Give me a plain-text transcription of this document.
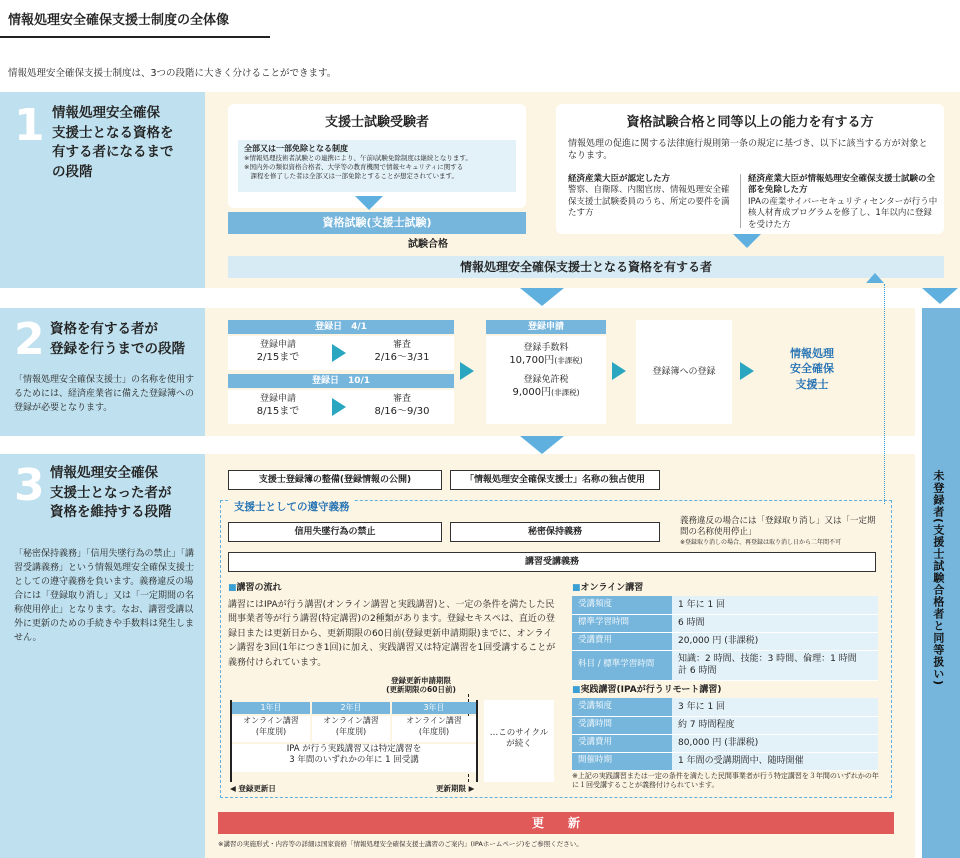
情報処理安全確保支援士制度の全体像
情報処理安全確保支援士制度は、3つの段階に大きく分けることができます。
1 情報処理安全確保
支援士となる資格を
有する者になるまで
の段階
支援士試験受験者
全部又は一部免除となる制度
※情報処理技術者試験との連携により、午前Ⅰ試験免除制度は継続となります。
※国内外の類似資格合格者、大学等の教育機関で情報セキュリティに関する
　課程を修了した者は全部又は一部免除とすることが想定されています。
資格試験(支援士試験)
試験合格
資格試験合格と同等以上の能力を有する方
情報処理の促進に関する法律施行規則第一条の規定に基づき、以下に該当する方が対象となります。
経済産業大臣が認定した方
警察、自衛隊、内閣官房、情報処理安全確保支援士試験委員のうち、所定の要件を満たす方
経済産業大臣が情報処理安全確保支援士試験の全部を免除した方
IPAの産業サイバーセキュリティセンターが行う中核人材育成プログラムを修了し、1年以内に登録を受けた方
情報処理安全確保支援士となる資格を有する者
2 資格を有する者が
登録を行うまでの段階
「情報処理安全確保支援士」の名称を使用するためには、経済産業省に備えた登録簿への登録が必要となります。
登録日　4/1
登録申請
2/15まで
審査
2/16〜3/31
登録日　10/1
登録申請
8/15まで
審査
8/16〜9/30
登録申請
登録手数料
10,700円(非課税)
登録免許税
9,000円(非課税)
登録簿への登録
情報処理
安全確保
支援士
3 情報処理安全確保
支援士となった者が
資格を維持する段階
「秘密保持義務」「信用失墜行為の禁止」「講習受講義務」という情報処理安全確保支援士としての遵守義務を負います。義務違反の場合には「登録取り消し」又は「一定期間の名称使用停止」となります。なお、講習受講以外に更新のための手続きや手数料は発生しません。
支援士登録簿の整備(登録情報の公開)	「情報処理安全確保支援士」名称の独占使用
支援士としての遵守義務
信用失墜行為の禁止	秘密保持義務
義務違反の場合には「登録取り消し」又は「一定期間の名称使用停止」
※登録取り消しの場合、再登録は取り消し日から二年間不可
講習受講義務
■ 講習の流れ
講習にはIPAが行う講習(オンライン講習と実践講習)と、一定の条件を満たした民間事業者等が行う講習(特定講習)の2種類があります。登録セキスペは、直近の登録日または更新日から、更新期限の60日前(登録更新申請期限)までに、オンライン講習を3回(1年につき1回)に加え、実践講習又は特定講習を1回受講することが義務付けられています。
登録更新申請期限
(更新期限の60日前)
1年目	2年目	3年目
オンライン講習
(年度別)
オンライン講習
(年度別)
オンライン講習
(年度別)
IPA が行う実践講習又は特定講習を
3 年間のいずれかの年に 1 回受講
…このサイクル
が続く
◀ 登録更新日	更新期限 ▶
■ オンライン講習
受講頻度	1 年に 1 回
標準学習時間	6 時間
受講費用	20,000 円 (非課税)
科目 / 標準学習時間	知識：2 時間、技能：3 時間、倫理：1 時間　計 6 時間
■ 実践講習(IPAが行うリモート講習)
受講頻度	3 年に 1 回
受講時間	約 7 時間程度
受講費用	80,000 円 (非課税)
開催時期	1 年間の受講期間中、随時開催
※上記の実践講習または一定の条件を満たした民間事業者が行う特定講習を３年間のいずれかの年に１回受講することが義務付けられています。
更　　新
※講習の実施形式・内容等の詳細は国家資格「情報処理安全確保支援士講習のご案内」(IPAホームページ)をご参照ください。
未登録者(支援士試験合格者と同等扱い)
